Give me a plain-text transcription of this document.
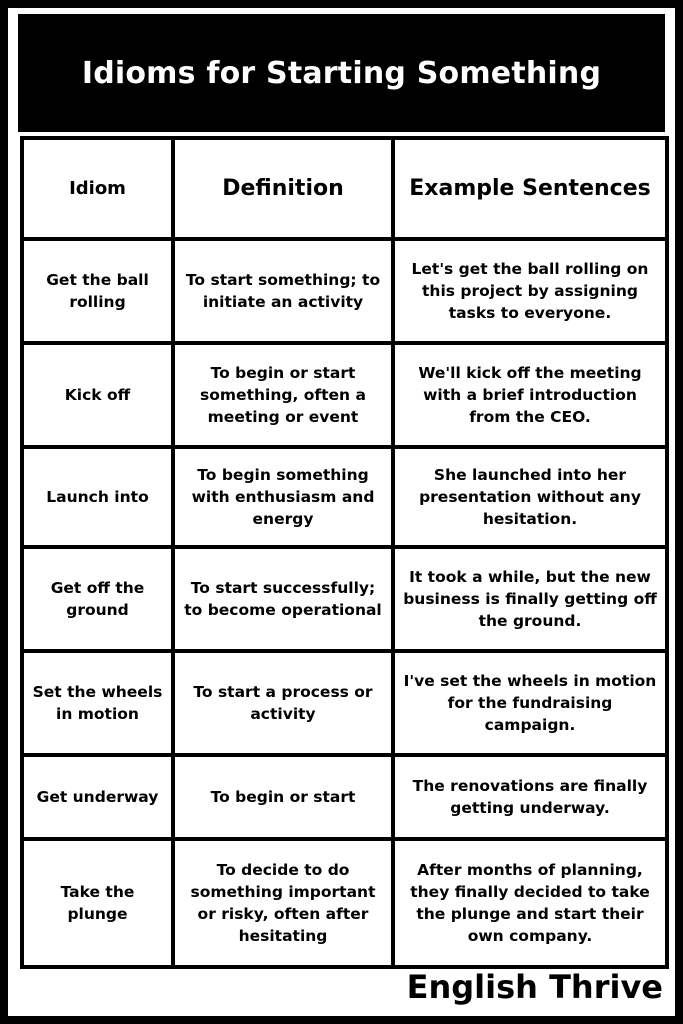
Idioms for Starting Something
Idiom	Definition	Example Sentences
Get the ball rolling	To start something; to initiate an activity	Let's get the ball rolling on this project by assigning tasks to everyone.
Kick off	To begin or start something, often a meeting or event	We'll kick off the meeting with a brief introduction from the CEO.
Launch into	To begin something with enthusiasm and energy	She launched into her presentation without any hesitation.
Get off the ground	To start successfully; to become operational	It took a while, but the new business is finally getting off the ground.
Set the wheels in motion	To start a process or activity	I've set the wheels in motion for the fundraising campaign.
Get underway	To begin or start	The renovations are finally getting underway.
Take the plunge	To decide to do something important or risky, often after hesitating	After months of planning, they finally decided to take the plunge and start their own company.
English Thrive
